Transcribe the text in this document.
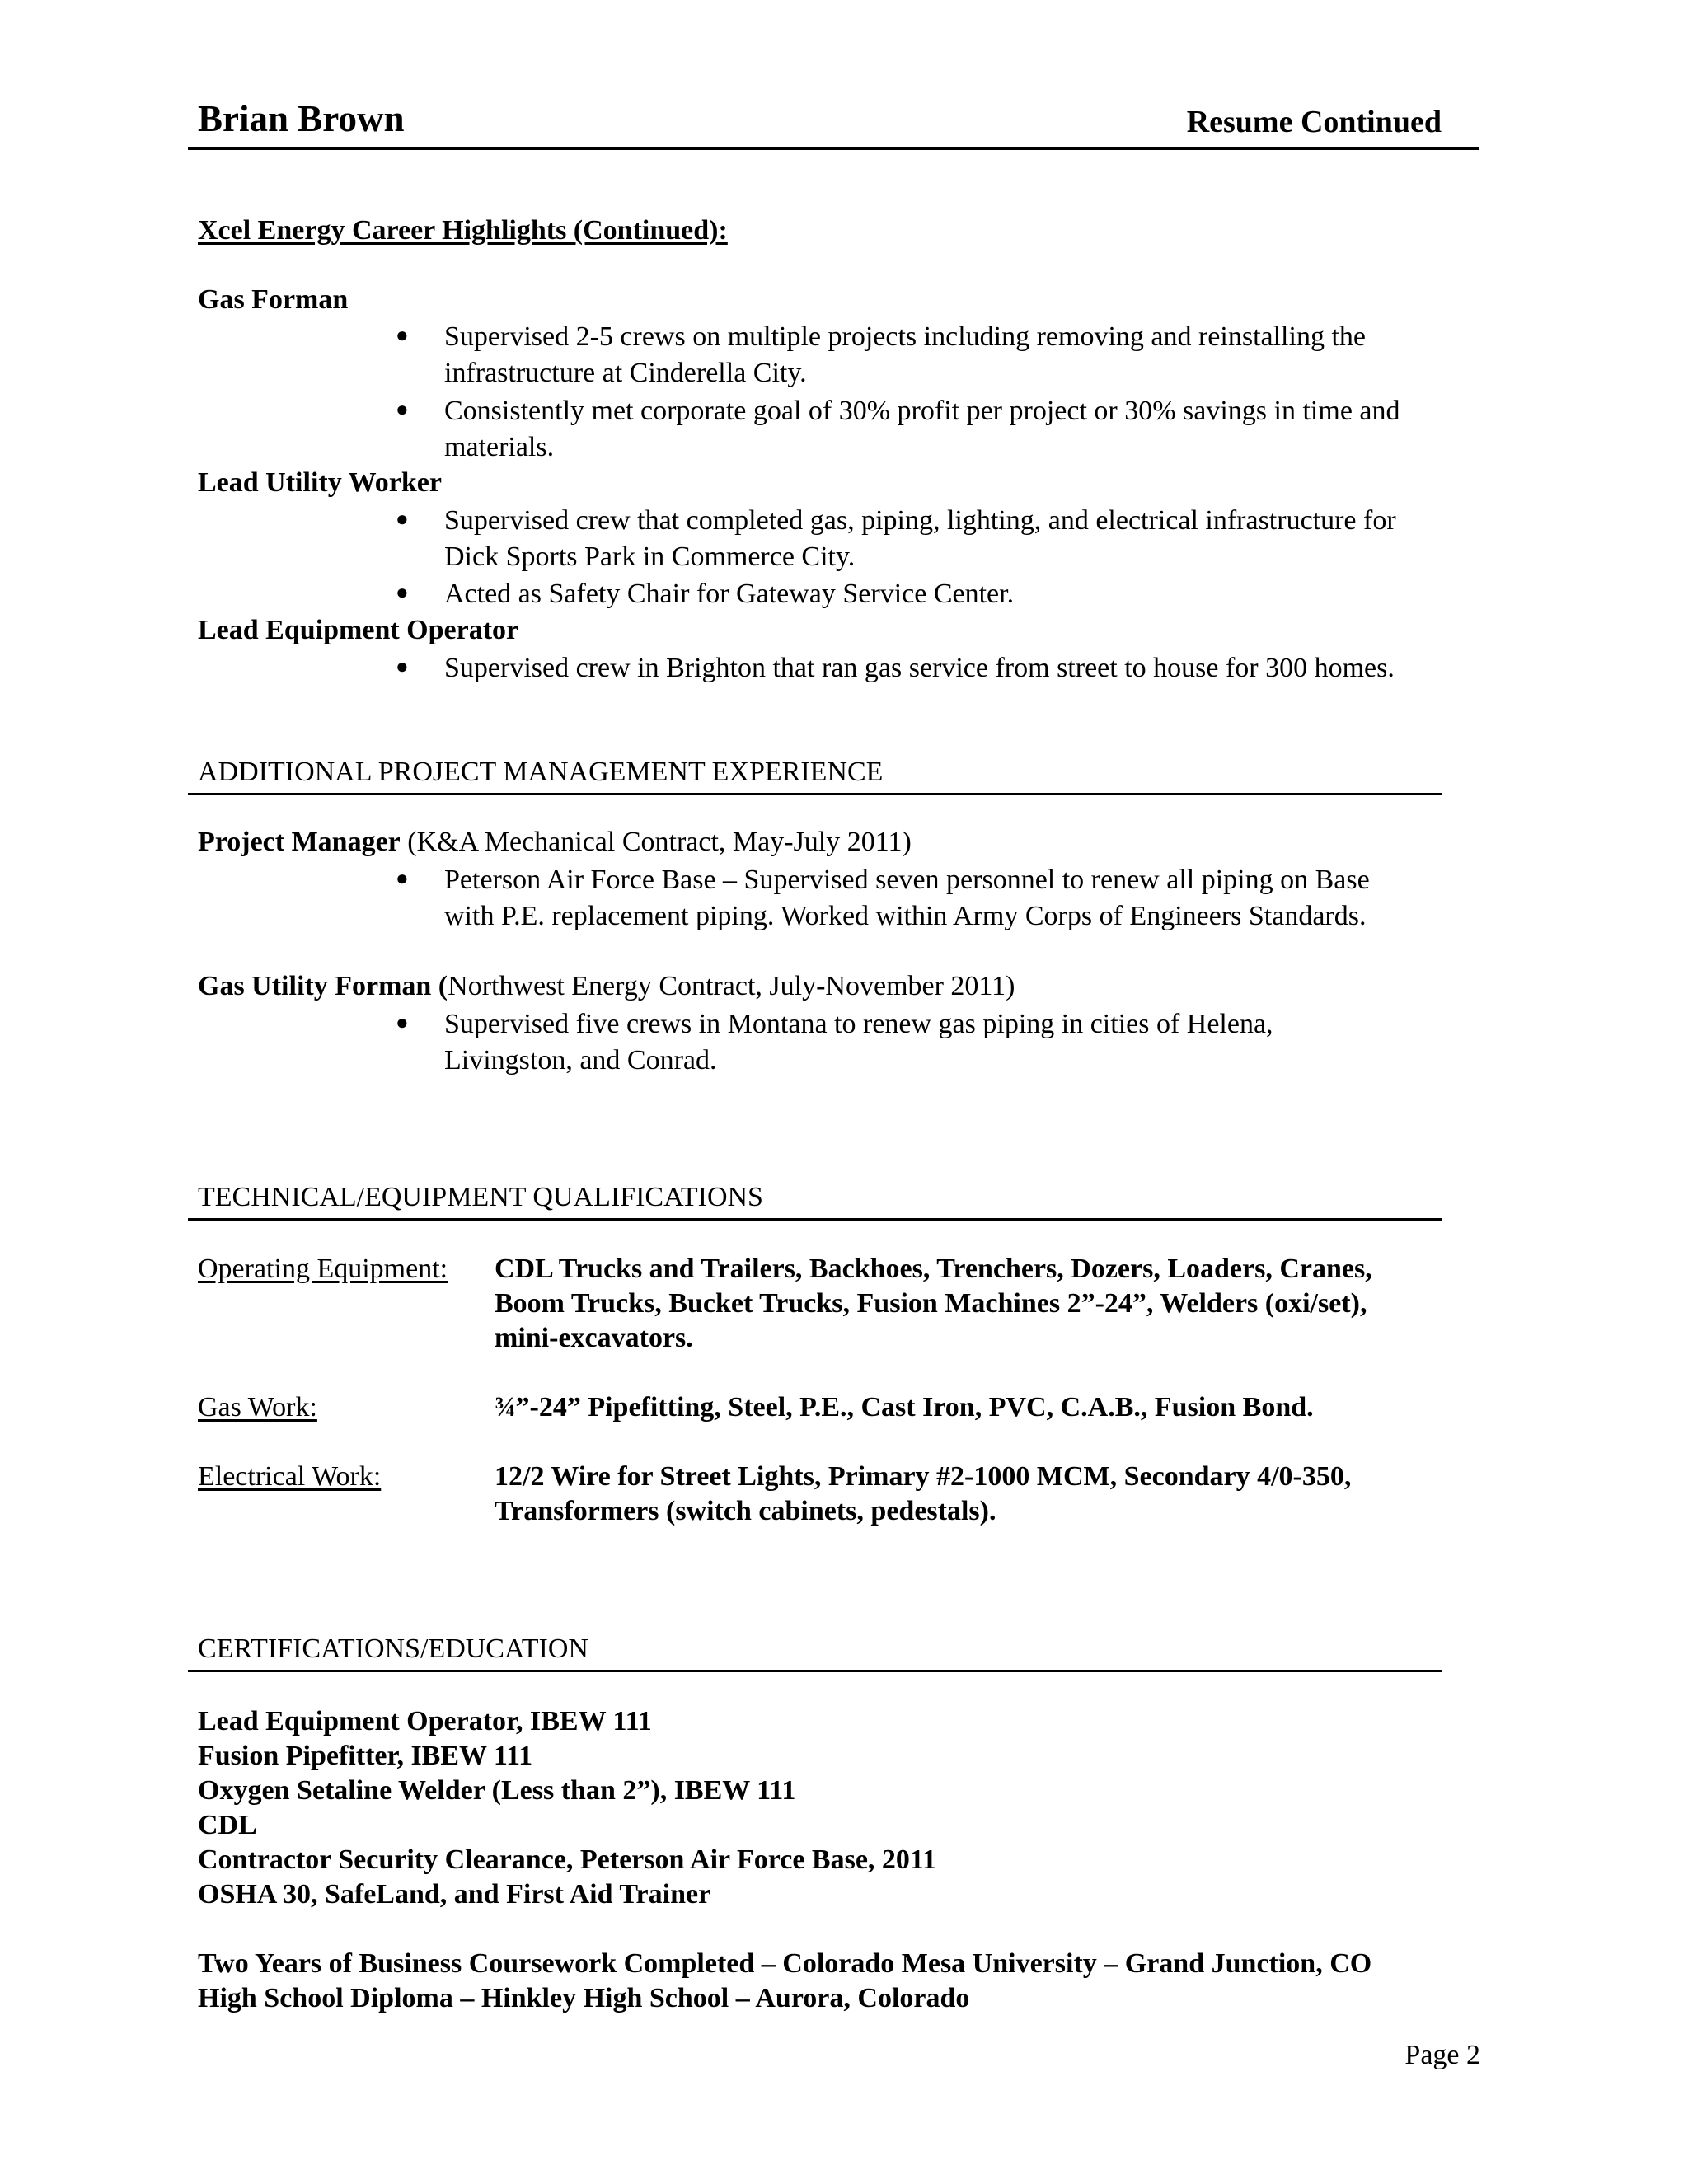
Brian Brown	Resume Continued
Xcel Energy Career Highlights (Continued):
Gas Forman
● Supervised 2-5 crews on multiple projects including removing and reinstalling the
infrastructure at Cinderella City.
● Consistently met corporate goal of 30% profit per project or 30% savings in time and
materials.
Lead Utility Worker
● Supervised crew that completed gas, piping, lighting, and electrical infrastructure for
Dick Sports Park in Commerce City.
● Acted as Safety Chair for Gateway Service Center.
Lead Equipment Operator
● Supervised crew in Brighton that ran gas service from street to house for 300 homes.
ADDITIONAL PROJECT MANAGEMENT EXPERIENCE
Project Manager (K&A Mechanical Contract, May-July 2011)
● Peterson Air Force Base – Supervised seven personnel to renew all piping on Base
with P.E. replacement piping. Worked within Army Corps of Engineers Standards.
Gas Utility Forman (Northwest Energy Contract, July-November 2011)
● Supervised five crews in Montana to renew gas piping in cities of Helena,
Livingston, and Conrad.
TECHNICAL/EQUIPMENT QUALIFICATIONS
Operating Equipment: CDL Trucks and Trailers, Backhoes, Trenchers, Dozers, Loaders, Cranes,
Boom Trucks, Bucket Trucks, Fusion Machines 2”-24”, Welders (oxi/set),
mini-excavators.
Gas Work:	¾”-24” Pipefitting, Steel, P.E., Cast Iron, PVC, C.A.B., Fusion Bond.
Electrical Work:	12/2 Wire for Street Lights, Primary #2-1000 MCM, Secondary 4/0-350,
Transformers (switch cabinets, pedestals).
CERTIFICATIONS/EDUCATION
Lead Equipment Operator, IBEW 111
Fusion Pipefitter, IBEW 111
Oxygen Setaline Welder (Less than 2”), IBEW 111
CDL
Contractor Security Clearance, Peterson Air Force Base, 2011
OSHA 30, SafeLand, and First Aid Trainer
Two Years of Business Coursework Completed – Colorado Mesa University – Grand Junction, CO
High School Diploma – Hinkley High School – Aurora, Colorado
Page 2
